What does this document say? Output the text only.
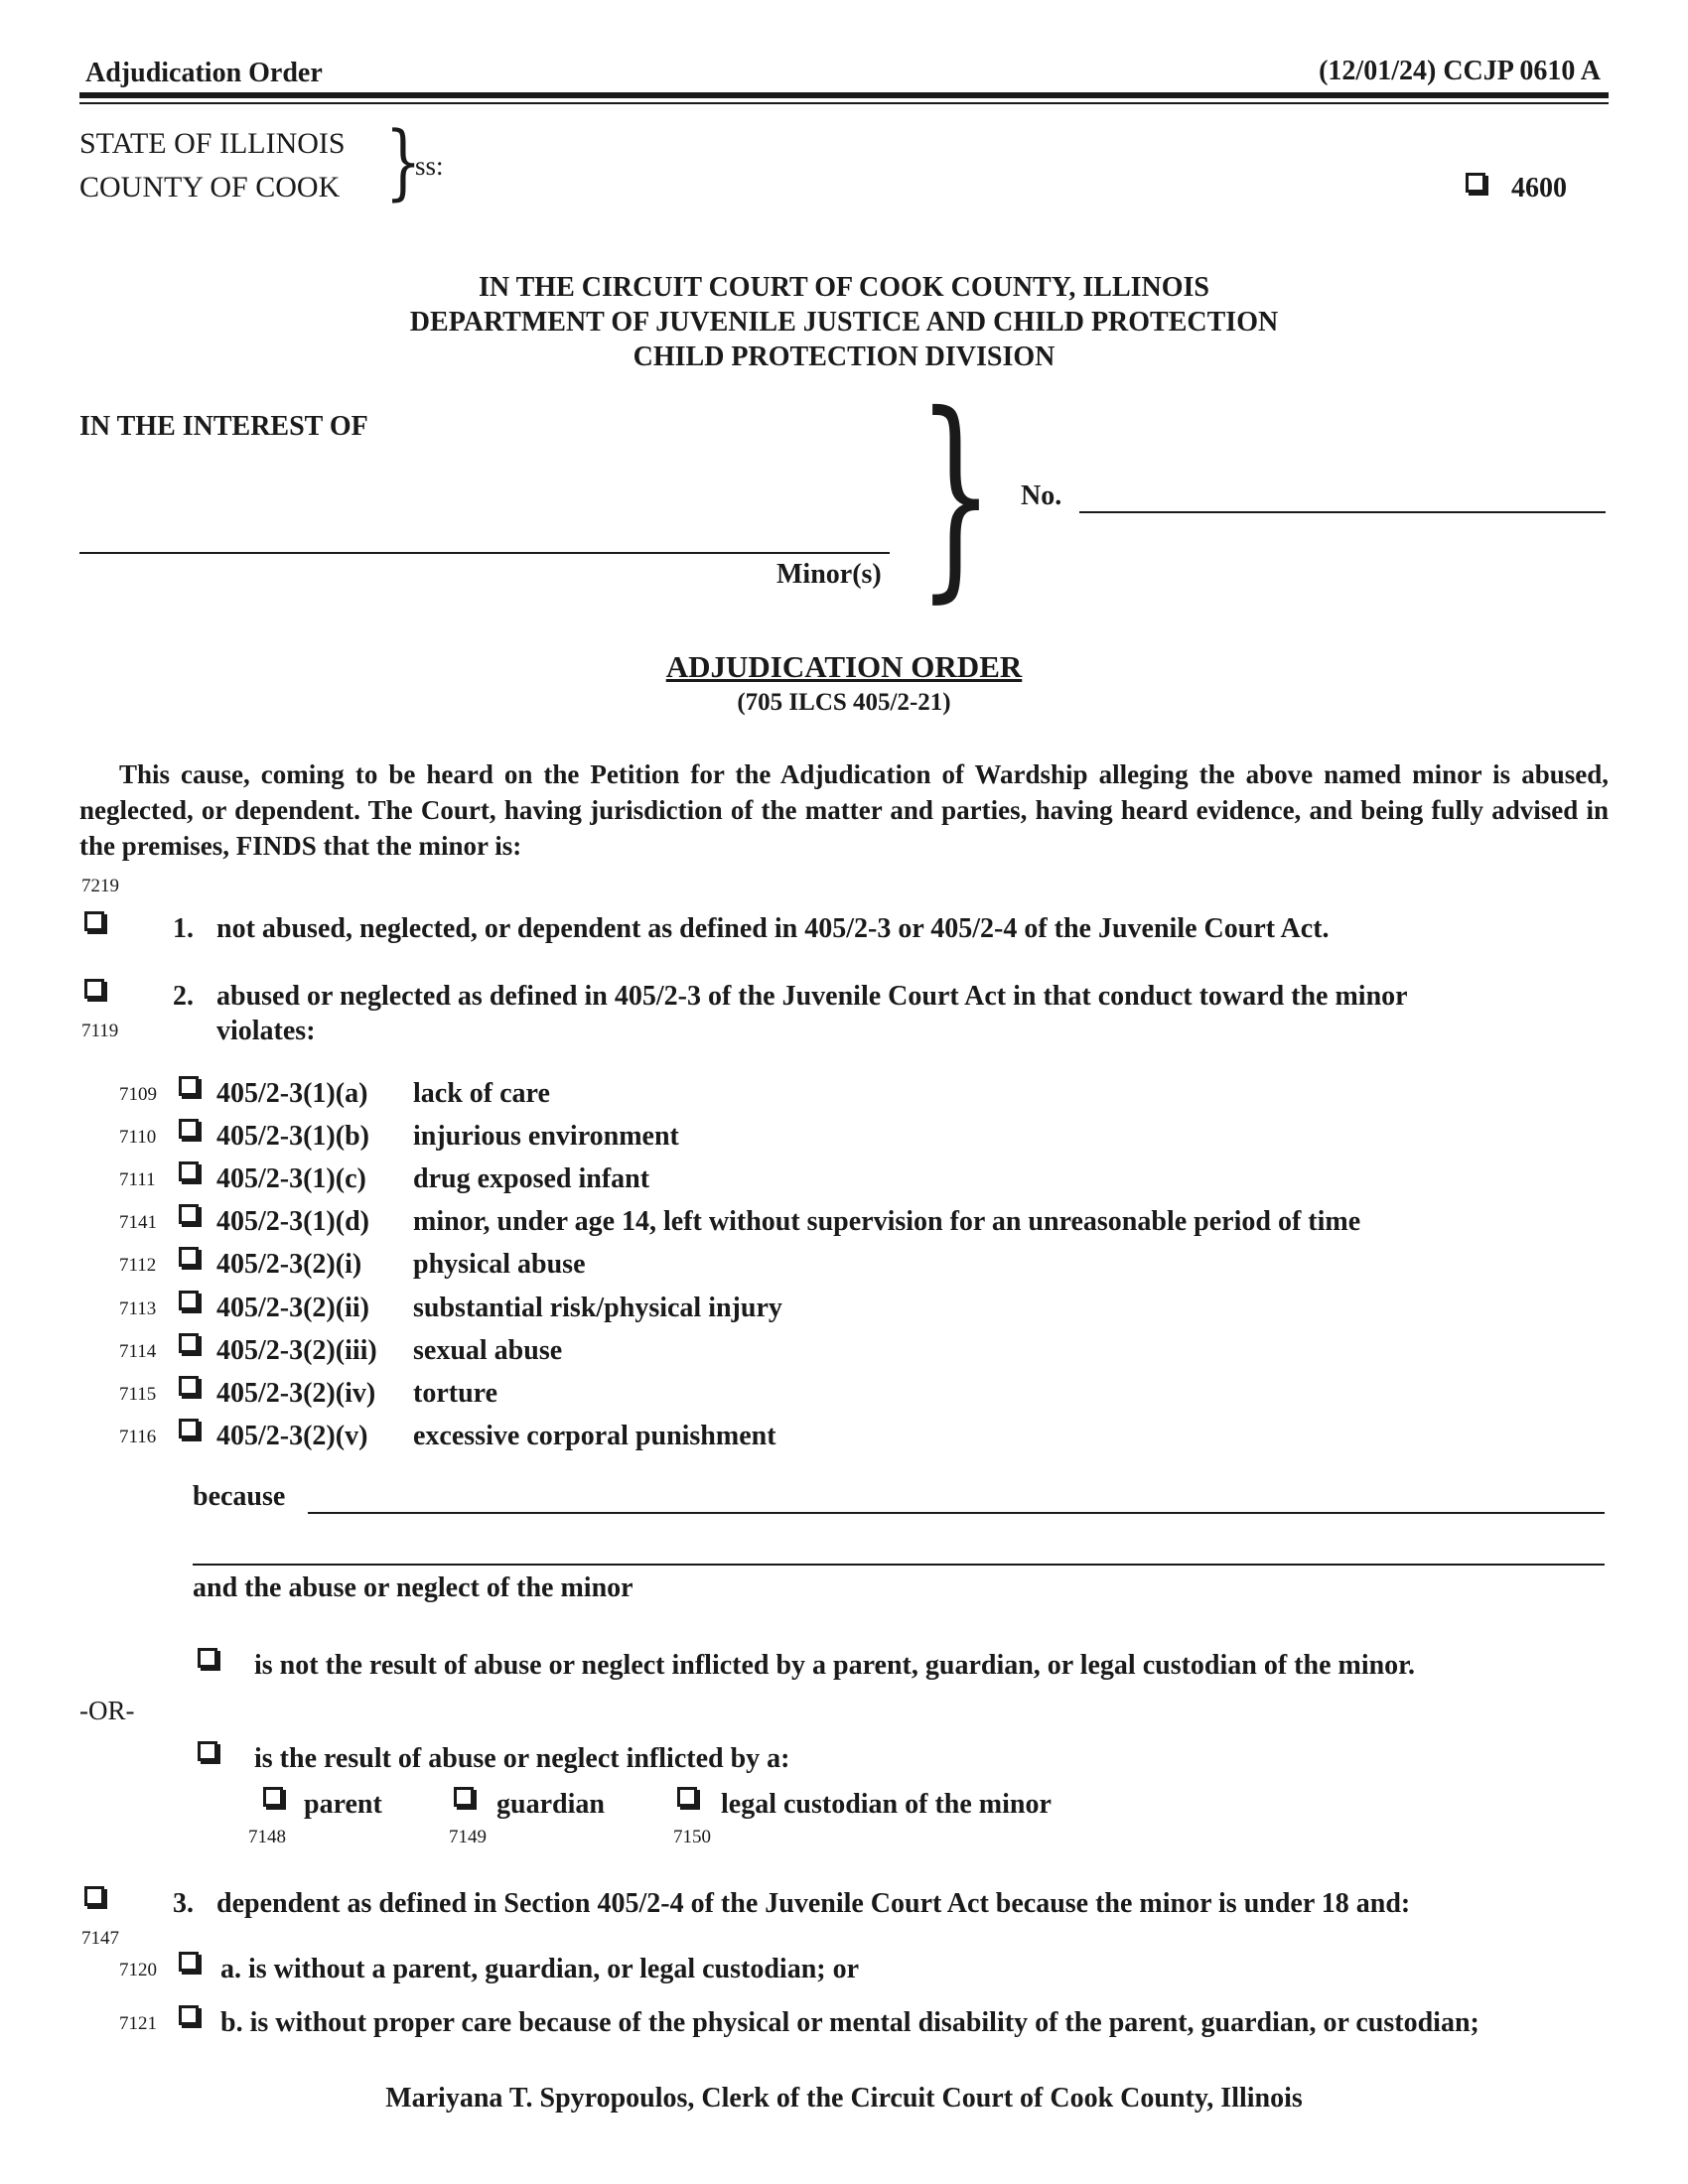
Adjudication Order	(12/01/24) CCJP 0610 A
STATE OF ILLINOIS
COUNTY OF COOK }
ss:
4600
IN THE CIRCUIT COURT OF COOK COUNTY, ILLINOIS
DEPARTMENT OF JUVENILE JUSTICE AND CHILD PROTECTION
CHILD PROTECTION DIVISION
IN THE INTEREST OF
Minor(s) } No.
ADJUDICATION ORDER
(705 ILCS 405/2-21)
This cause, coming to be heard on the Petition for the Adjudication of Wardship alleging the above named minor is abused, neglected, or dependent. The Court, having jurisdiction of the matter and parties, having heard evidence, and being fully advised in the premises, FINDS that the minor is:
7219
1. not abused, neglected, or dependent as defined in 405/2-3 or 405/2-4 of the Juvenile Court Act.
7119
2. abused or neglected as defined in 405/2-3 of the Juvenile Court Act in that conduct toward the minor
violates:
7109 405/2-3(1)(a) lack of care
7110 405/2-3(1)(b) injurious environment
7111 405/2-3(1)(c) drug exposed infant
7141 405/2-3(1)(d) minor, under age 14, left without supervision for an unreasonable period of time
7112 405/2-3(2)(i) physical abuse
7113 405/2-3(2)(ii) substantial risk/physical injury
7114 405/2-3(2)(iii) sexual abuse
7115 405/2-3(2)(iv) torture
7116 405/2-3(2)(v) excessive corporal punishment
because
and the abuse or neglect of the minor
is not the result of abuse or neglect inflicted by a parent, guardian, or legal custodian of the minor.
-OR-
is the result of abuse or neglect inflicted by a:
parent
7148
guardian
7149
legal custodian of the minor
7150
7147
3. dependent as defined in Section 405/2-4 of the Juvenile Court Act because the minor is under 18 and:
7120 a. is without a parent, guardian, or legal custodian; or
7121 b. is without proper care because of the physical or mental disability of the parent, guardian, or custodian;
Mariyana T. Spyropoulos, Clerk of the Circuit Court of Cook County, Illinois
